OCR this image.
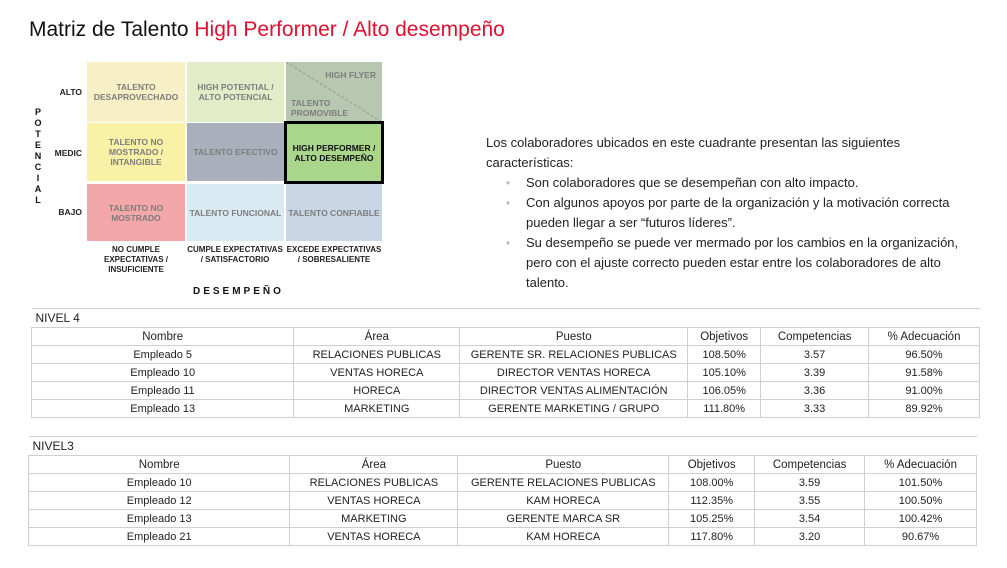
Matriz de Talento High Performer / Alto desempeño
P
O
T
E
N
C
I
A
L
ALTO
MEDIC
BAJO
TALENTO DESAPROVECHADO
HIGH POTENTIAL / ALTO POTENCIAL
HIGH FLYER
TALENTO PROMOVIBLE
TALENTO NO MOSTRADO / INTANGIBLE
TALENTO EFECTIVO	HIGH PERFORMER / ALTO DESEMPEÑO
TALENTO NO MOSTRADO	TALENTO FUNCIONAL TALENTO CONFIABLE
NO CUMPLE EXPECTATIVAS / INSUFICIENTE
CUMPLE EXPECTATIVAS / SATISFACTORIO
EXCEDE EXPECTATIVAS / SOBRESALIENTE
DESEMPEÑO
Los colaboradores ubicados en este cuadrante presentan las siguientes características:
• Son colaboradores que se desempeñan con alto impacto.
• Con algunos apoyos por parte de la organización y la motivación correcta pueden llegar a ser “futuros líderes”.
• Su desempeño se puede ver mermado por los cambios en la organización, pero con el ajuste correcto pueden estar entre los colaboradores de alto talento.
NIVEL 4					
Nombre	Área	Puesto	Objetivos	Competencias	% Adecuación
Empleado 5	RELACIONES PUBLICAS	GERENTE SR. RELACIONES PUBLICAS	108.50%	3.57	96.50%
Empleado 10	VENTAS HORECA	DIRECTOR VENTAS HORECA	105.10%	3.39	91.58%
Empleado 11	HORECA	DIRECTOR VENTAS ALIMENTACIÓN	106.05%	3.36	91.00%
Empleado 13	MARKETING	GERENTE MARKETING / GRUPO	111.80%	3.33	89.92%
NIVEL3					
Nombre	Área	Puesto	Objetivos	Competencias	% Adecuación
Empleado 10	RELACIONES PUBLICAS	GERENTE RELACIONES PUBLICAS	108.00%	3.59	101.50%
Empleado 12	VENTAS HORECA	KAM HORECA	112.35%	3.55	100.50%
Empleado 13	MARKETING	GERENTE MARCA SR	105.25%	3.54	100.42%
Empleado 21	VENTAS HORECA	KAM HORECA	117.80%	3.20	90.67%
